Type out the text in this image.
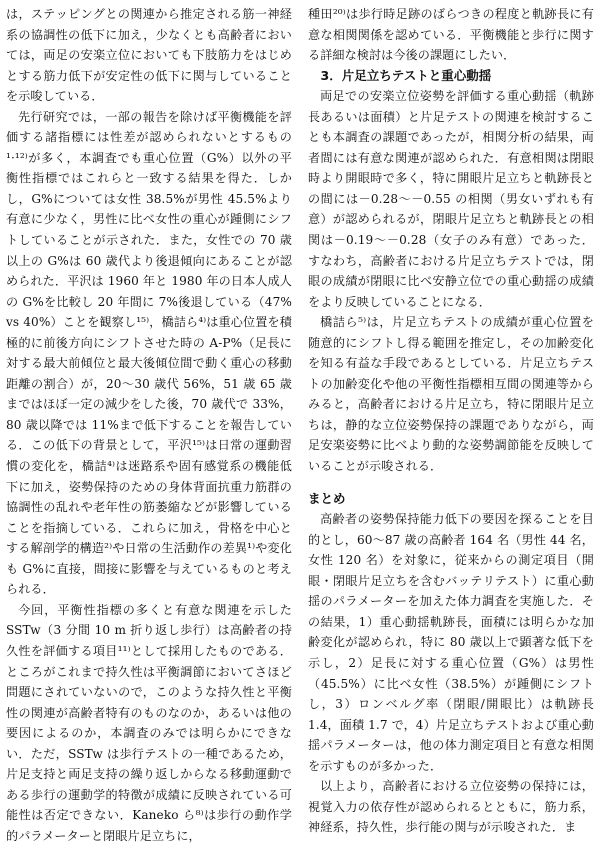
は，ステッピングとの関連から推定される筋一神経系の協調性の低下に加え，少なくとも高齢者においては，両足の安楽立位においても下肢筋力をはじめとする筋力低下が安定性の低下に関与していることを示唆している．

先行研究では，一部の報告を除けば平衡機能を評価する諸指標には性差が認められないとするもの¹·¹²⁾が多く，本調査でも重心位置（G%）以外の平衡性指標ではこれらと一致する結果を得た．しかし，G%については女性 38.5%が男性 45.5%より有意に少なく，男性に比べ女性の重心が踵側にシフトしていることが示された．また，女性での 70 歳以上の G%は 60 歳代より後退傾向にあることが認められた．平沢は 1960 年と 1980 年の日本人成人の G%を比較し 20 年間に 7%後退している（47% vs 40%）ことを観察し¹⁵⁾，橋詰ら⁴⁾は重心位置を積極的に前後方向にシフトさせた時の A-P%（足長に対する最大前傾位と最大後傾位間で動く重心の移動距離の割合）が，20～30 歳代 56%，51 歳 65 歳まではほぼ一定の減少をした後，70 歳代で 33%，80 歳以降では 11%まで低下することを報告している．この低下の背景として，平沢¹⁵⁾は日常の運動習慣の変化を，橋詰⁴⁾は迷路系や固有感覚系の機能低下に加え，姿勢保持のための身体背面抗重力筋群の協調性の乱れや老年性の筋萎縮などが影響していることを指摘している．これらに加え，骨格を中心とする解剖学的構造²⁾や日常の生活動作の差異¹⁾や変化も G%に直接，間接に影響を与えているものと考えられる．

今回，平衡性指標の多くと有意な関連を示した SSTw（3 分間 10 m 折り返し歩行）は高齢者の持久性を評価する項目¹¹⁾として採用したものである．ところがこれまで持久性は平衡調節においてさほど問題にされていないので，このような持久性と平衡性の関連が高齢者特有のものなのか，あるいは他の要因によるのか，本調査のみでは明らかにできない．ただ，SSTw は歩行テストの一種であるため，片足支持と両足支持の繰り返しからなる移動運動である歩行の運動学的特徴が成績に反映されている可能性は否定できない．Kaneko ら⁸⁾は歩行の動作学的パラメーターと閉眼片足立ちに，

種田²⁰⁾は歩行時足跡のばらつきの程度と軌跡長に有意な相関関係を認めている．平衡機能と歩行に関する詳細な検討は今後の課題にしたい．

3．片足立ちテストと重心動揺

両足での安楽立位姿勢を評価する重心動揺（軌跡長あるいは面積）と片足テストの関連を検討することも本調査の課題であったが，相関分析の結果，両者間には有意な関連が認められた．有意相関は閉眼時より開眼時で多く，特に開眼片足立ちと軌跡長との間には－0.28～－0.55 の相関（男女いずれも有意）が認められるが，閉眼片足立ちと軌跡長との相関は－0.19～－0.28（女子のみ有意）であった．すなわち，高齢者における片足立ちテストでは，閉眼の成績が閉眼に比べ安静立位での重心動揺の成績をより反映していることになる．

橋詰ら⁵⁾は，片足立ちテストの成績が重心位置を随意的にシフトし得る範囲を推定し，その加齢変化を知る有益な手段であるとしている．片足立ちテストの加齢変化や他の平衡性指標相互間の関連等からみると，高齢者における片足立ち，特に閉眼片足立ちは，静的な立位姿勢保持の課題でありながら，両足安楽姿勢に比べより動的な姿勢調節能を反映していることが示唆される．

まとめ

高齢者の姿勢保持能力低下の要因を探ることを目的とし，60～87 歳の高齢者 164 名（男性 44 名，女性 120 名）を対象に，従来からの測定項目（開眼・閉眼片足立ちを含むバッテリテスト）に重心動揺のパラメーターを加えた体力調査を実施した．その結果，1）重心動揺軌跡長，面積には明らかな加齢変化が認められ，特に 80 歳以上で顕著な低下を示し，2）足長に対する重心位置（G%）は男性（45.5%）に比べ女性（38.5%）が踵側にシフトし，3）ロンベルグ率（閉眼/開眼比）は軌跡長 1.4，面積 1.7 で，4）片足立ちテストおよび重心動揺パラメーターは，他の体力測定項目と有意な相関を示すものが多かった．

以上より，高齢者における立位姿勢の保持には，視覚入力の依存性が認められるとともに，筋力系，神経系，持久性，歩行能の関与が示唆された．ま
